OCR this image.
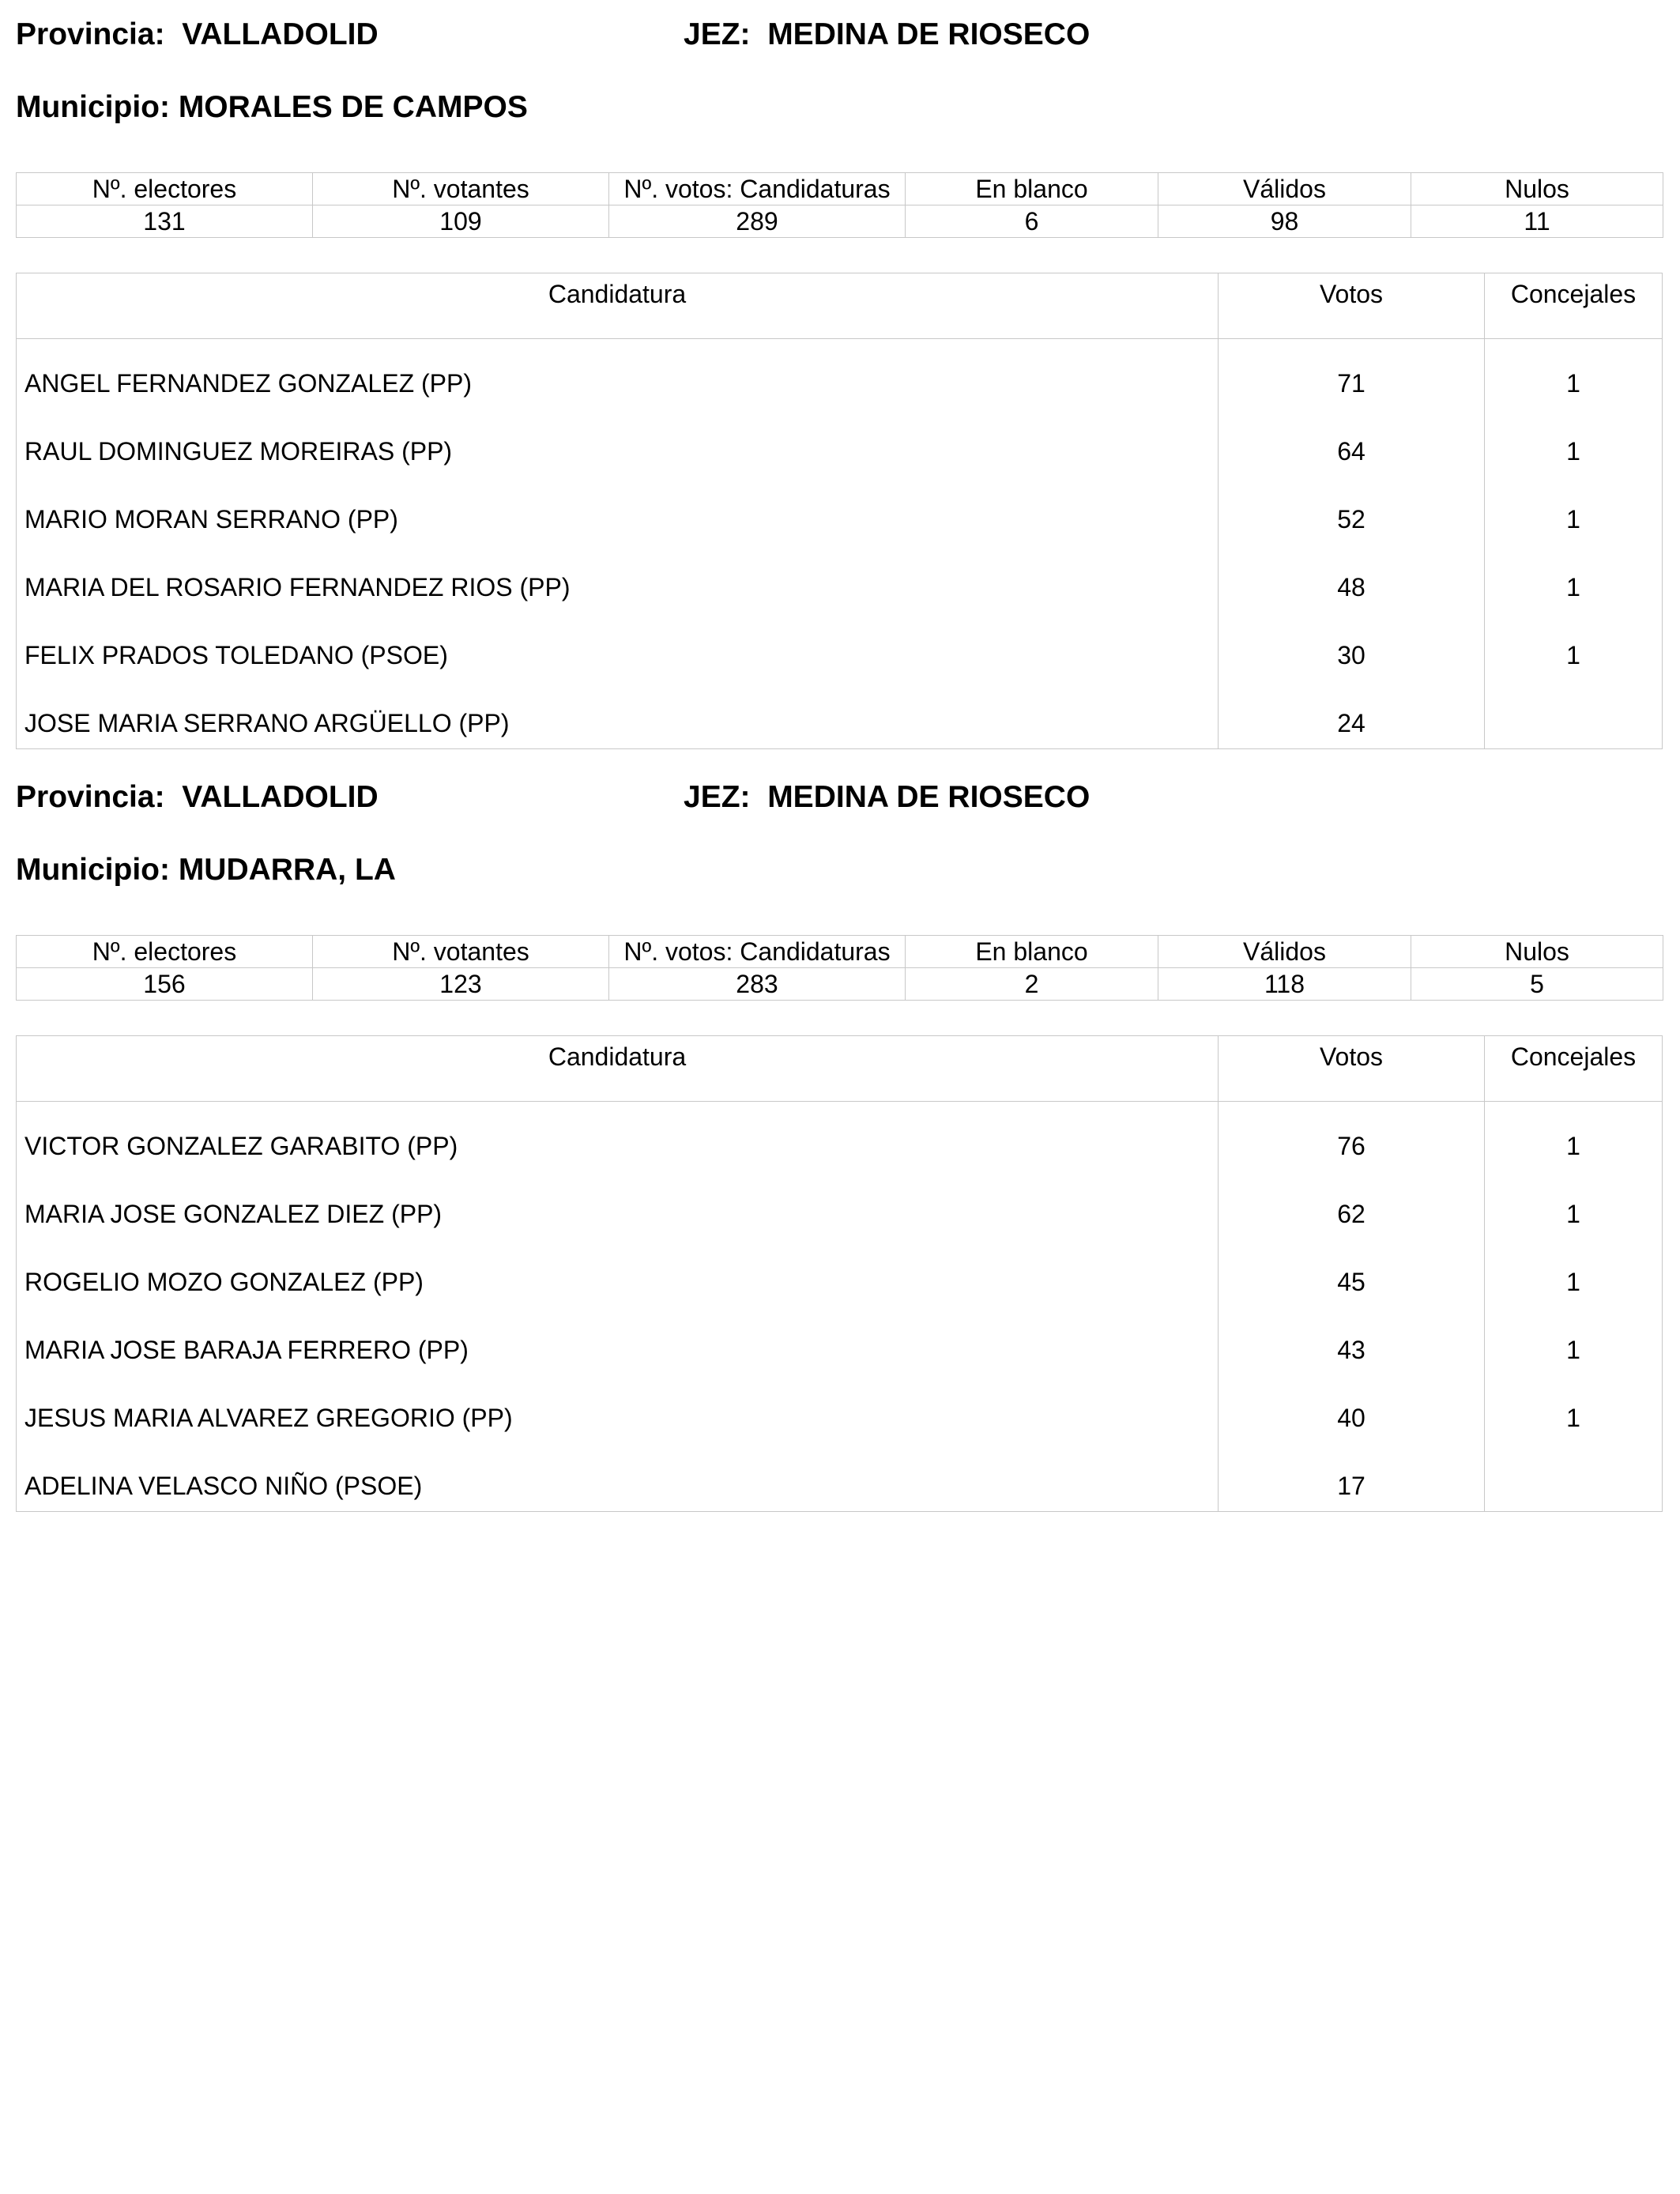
Provincia: VALLADOLID	JEZ: MEDINA DE RIOSECO
Municipio: MORALES DE CAMPOS
Nº. electores	Nº. votantes	Nº. votos: Candidaturas	En blanco	Válidos	Nulos
131	109	289	6	98	11
Candidatura	Votos	Concejales
ANGEL FERNANDEZ GONZALEZ (PP)	71	1
RAUL DOMINGUEZ MOREIRAS (PP)	64	1
MARIO MORAN SERRANO (PP)	52	1
MARIA DEL ROSARIO FERNANDEZ RIOS (PP)	48	1
FELIX PRADOS TOLEDANO (PSOE)	30	1
JOSE MARIA SERRANO ARGÜELLO (PP)	24
Provincia: VALLADOLID	JEZ: MEDINA DE RIOSECO
Municipio: MUDARRA, LA
Nº. electores	Nº. votantes	Nº. votos: Candidaturas	En blanco	Válidos	Nulos
156	123	283	2	118	5
Candidatura	Votos	Concejales
VICTOR GONZALEZ GARABITO (PP)	76	1
MARIA JOSE GONZALEZ DIEZ (PP)	62	1
ROGELIO MOZO GONZALEZ (PP)	45	1
MARIA JOSE BARAJA FERRERO (PP)	43	1
JESUS MARIA ALVAREZ GREGORIO (PP)	40	1
ADELINA VELASCO NIÑO (PSOE)	17
